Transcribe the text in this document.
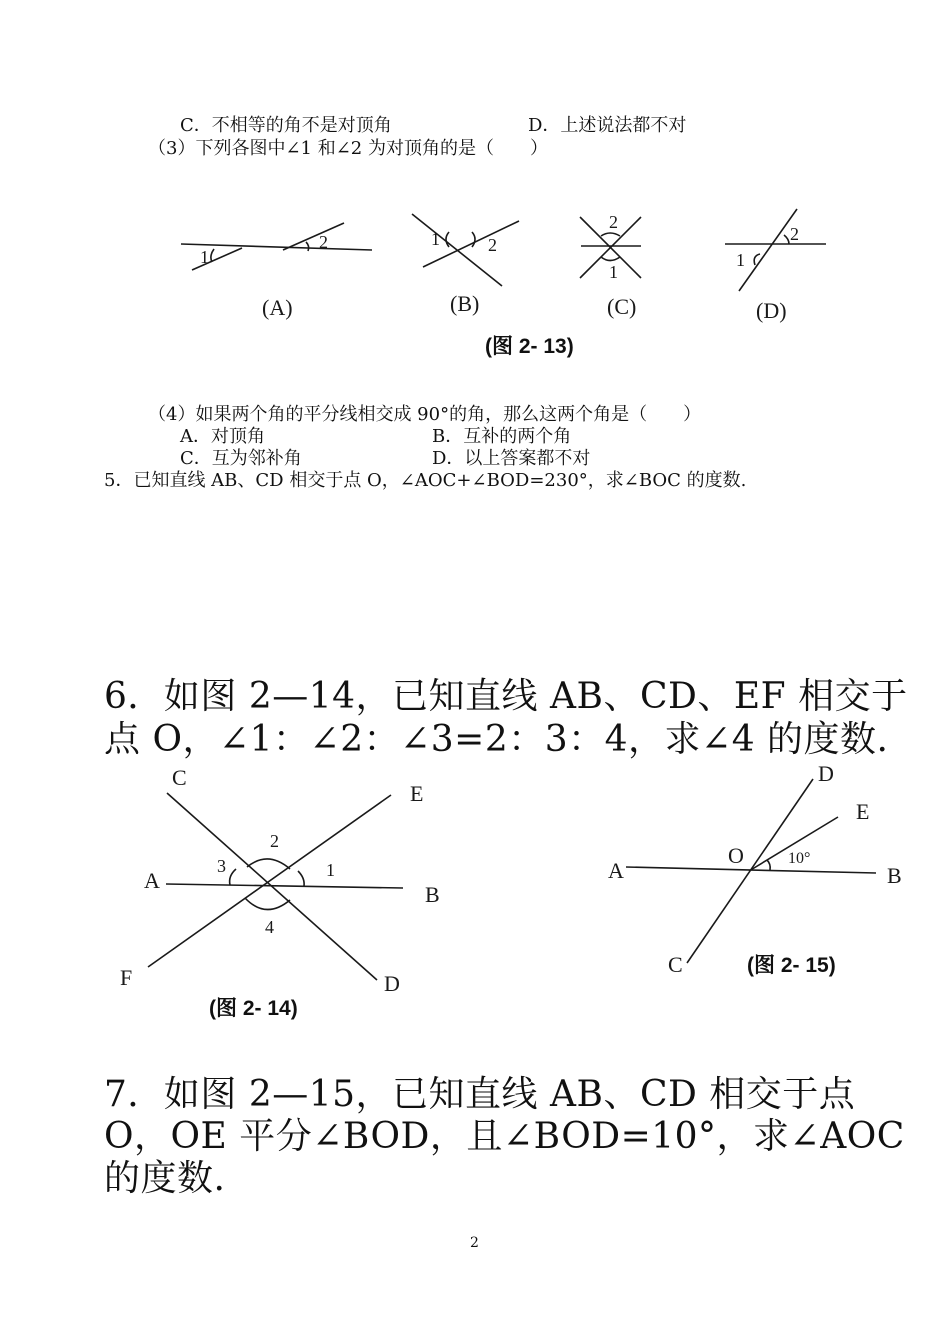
C．不相等的角不是对顶角	D．上述说法都不对
（3）下列各图中∠1 和∠2 为对顶角的是（　　）
1
2	1	2
2
1
2
1
(A)	(B)	(C)	(D)
(图 2- 13)
（4）如果两个角的平分线相交成 90°的角，那么这两个角是（　　）
A．对顶角	B．互补的两个角
C．互为邻补角	D．以上答案都不对
5．已知直线 AB、CD 相交于点 O，∠AOC+∠BOD=230°，求∠BOC 的度数.
6．如图 2—14，已知直线 AB、CD、EF 相交于
点 O，∠1：∠2：∠3=2：3：4，求∠4 的度数.
C
E
A
B
F	D
2
3	1
4
D
E
O	10°
A	B
C
(图 2- 14)
(图 2- 15)
7．如图 2—15，已知直线 AB、CD 相交于点
O，OE 平分∠BOD，且∠BOD=10°，求∠AOC
的度数.
2
